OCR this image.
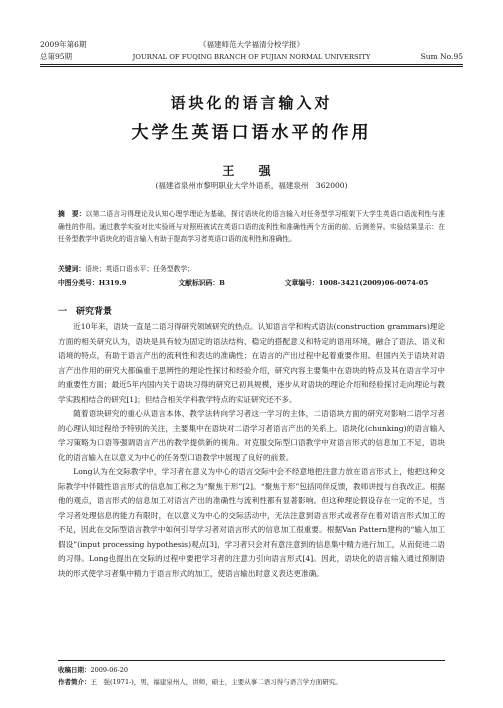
2009年第6期	《福建师范大学福清分校学报》
总第95期	JOURNAL OF FUQING BRANCH OF FUJIAN NORMAL UNIVERSITY	Sum No.95
语块化的语言输入对
大学生英语口语水平的作用
王 强
(福建省泉州市黎明职业大学外语系，福建泉州　362000)
摘　要：以第二语言习得理论及认知心理学理论为基础，探讨语块化的语言输入对任务型学习框架下大学生英语口语流利性与准确性的作用。通过教学实验对比实验班与对照班被试在英语口语的流利性和准确性两个方面的前、后测差异。实验结果显示：在任务型教学中语块化的语言输入有助于提高学习者英语口语的流利性和准确性。
关键词：语块；英语口语水平；任务型教学；
中图分类号：H319.9	文献标识码：B	文章编号：1008-3421(2009)06-0074-05
一　研究背景

近10年来，语块一直是二语习得研究领域研究的热点。认知语言学和构式语法(construction grammars)理论方面的相关研究认为，语块是具有较为固定的语法结构、稳定的搭配意义和特定的语用环境，融合了语法、语义和语境的特点，有助于语言产出的流利性和表达的准确性；在语言的产出过程中起着重要作用。但国内关于语块对语言产出作用的研究大都偏重于思辨性的理论性探讨和经验介绍，研究内容主要集中在语块的特点及其在语言学习中的重要性方面；最近5年内国内关于语块习得的研究已初具规模，逐步从对语块的理论介绍和经验探讨走向理论与教学实践相结合的研究[1]；但结合相关学科教学特点的实证研究还不多。

随着语块研究的重心从语言本体、教学法转向学习者这一学习的主体，二语语块方面的研究对影响二语学习者的心理认知过程给予特别的关注，主要集中在语块对二语学习者语言产出的关系上。语块化(chunking)的语言输入学习策略为口语等强调语言产出的教学提供新的视角。对克服交际型口语教学中对语言形式的信息加工不足，语块化的语言输入在以意义为中心的任务型口语教学中展现了良好的前景。

Long认为在交际教学中，学习者在意义为中心的语言交际中会不经意地把注意力放在语言形式上，他把这种交际教学中伴随性语言形式的信息加工称之为“聚焦于形”[2]。“聚焦于形”包括同伴反馈，教师讲授与自我改正。根据他的观点，语言形式的信息加工对语言产出的准确性与流利性都有显著影响。但这种理论假设存在一定的不足，当学习者处理信息的能力有限时，在以意义为中心的交际活动中，无法注意到语言形式或者存在着对语言形式加工的不足，因此在交际型语言教学中如何引导学习者对语言形式的信息加工很重要。根据Van Pattern建构的“输入加工假设”(input processing hypothesis)观点[3]，学习者只会对有意注意到的信息集中精力进行加工，从而促进二语的习得。Long也提出在交际的过程中要把学习者的注意力引向语言形式[4]。因此，语块化的语言输入通过预制语块的形式使学习者集中精力于语言形式的加工，使语言输出时意义表达更准确。

收稿日期：2009-06-20
作者简介：王　强(1971-)，男，福建泉州人，讲师，硕士，主要从事二语习得与语言学方面研究。
